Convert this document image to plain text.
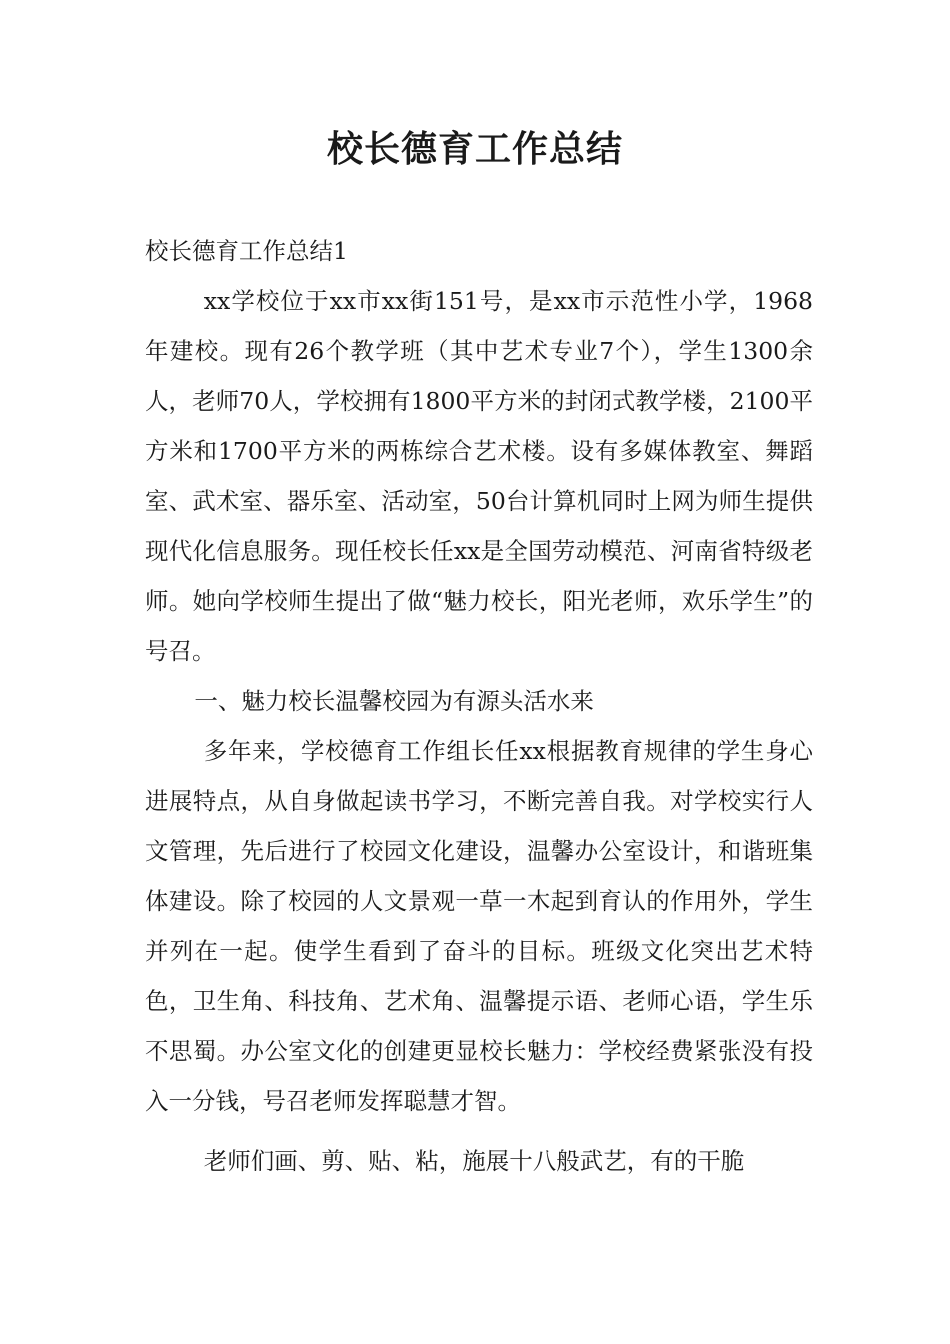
校长德育工作总结
校长德育工作总结1

xx学校位于xx市xx街151号，是xx市示范性小学，1968年建校。现有26个教学班（其中艺术专业7个），学生1300余人，老师70人，学校拥有1800平方米的封闭式教学楼，2100平方米和1700平方米的两栋综合艺术楼。设有多媒体教室、舞蹈室、武术室、器乐室、活动室，50台计算机同时上网为师生提供现代化信息服务。现任校长任xx是全国劳动模范、河南省特级老师。她向学校师生提出了做“魅力校长，阳光老师，欢乐学生”的号召。

一、魅力校长温馨校园为有源头活水来

多年来，学校德育工作组长任xx根据教育规律的学生身心进展特点，从自身做起读书学习，不断完善自我。对学校实行人文管理，先后进行了校园文化建设，温馨办公室设计，和谐班集体建设。除了校园的人文景观一草一木起到育认的作用外，学生并列在一起。使学生看到了奋斗的目标。班级文化突出艺术特色，卫生角、科技角、艺术角、温馨提示语、老师心语，学生乐不思蜀。办公室文化的创建更显校长魅力：学校经费紧张没有投入一分钱，号召老师发挥聪慧才智。

老师们画、剪、贴、粘，施展十八般武艺，有的干脆
